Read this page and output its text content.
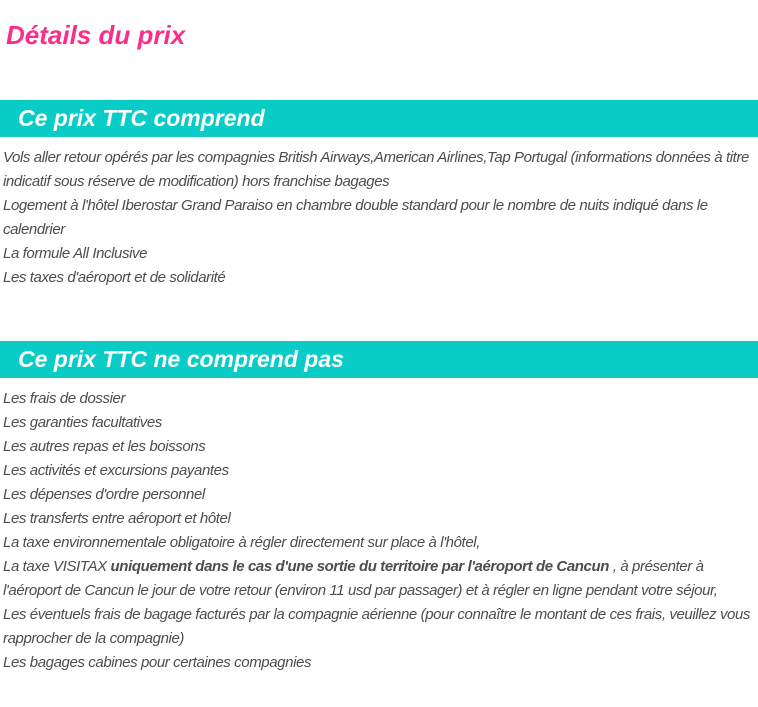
Détails du prix
Ce prix TTC comprend

Vols aller retour opérés par les compagnies British Airways,American Airlines,Tap Portugal (informations données à titre indicatif sous réserve de modification) hors franchise bagages

Logement à l'hôtel Iberostar Grand Paraiso en chambre double standard pour le nombre de nuits indiqué dans le calendrier

La formule All Inclusive

Les taxes d'aéroport et de solidarité

Ce prix TTC ne comprend pas

Les frais de dossier

Les garanties facultatives

Les autres repas et les boissons

Les activités et excursions payantes

Les dépenses d'ordre personnel

Les transferts entre aéroport et hôtel

La taxe environnementale obligatoire à régler directement sur place à l'hôtel,

La taxe VISITAX uniquement dans le cas d'une sortie du territoire par l'aéroport de Cancun , à présenter à l'aéroport de Cancun le jour de votre retour (environ 11 usd par passager) et à régler en ligne pendant votre séjour,

Les éventuels frais de bagage facturés par la compagnie aérienne (pour connaître le montant de ces frais, veuillez vous rapprocher de la compagnie)

Les bagages cabines pour certaines compagnies
